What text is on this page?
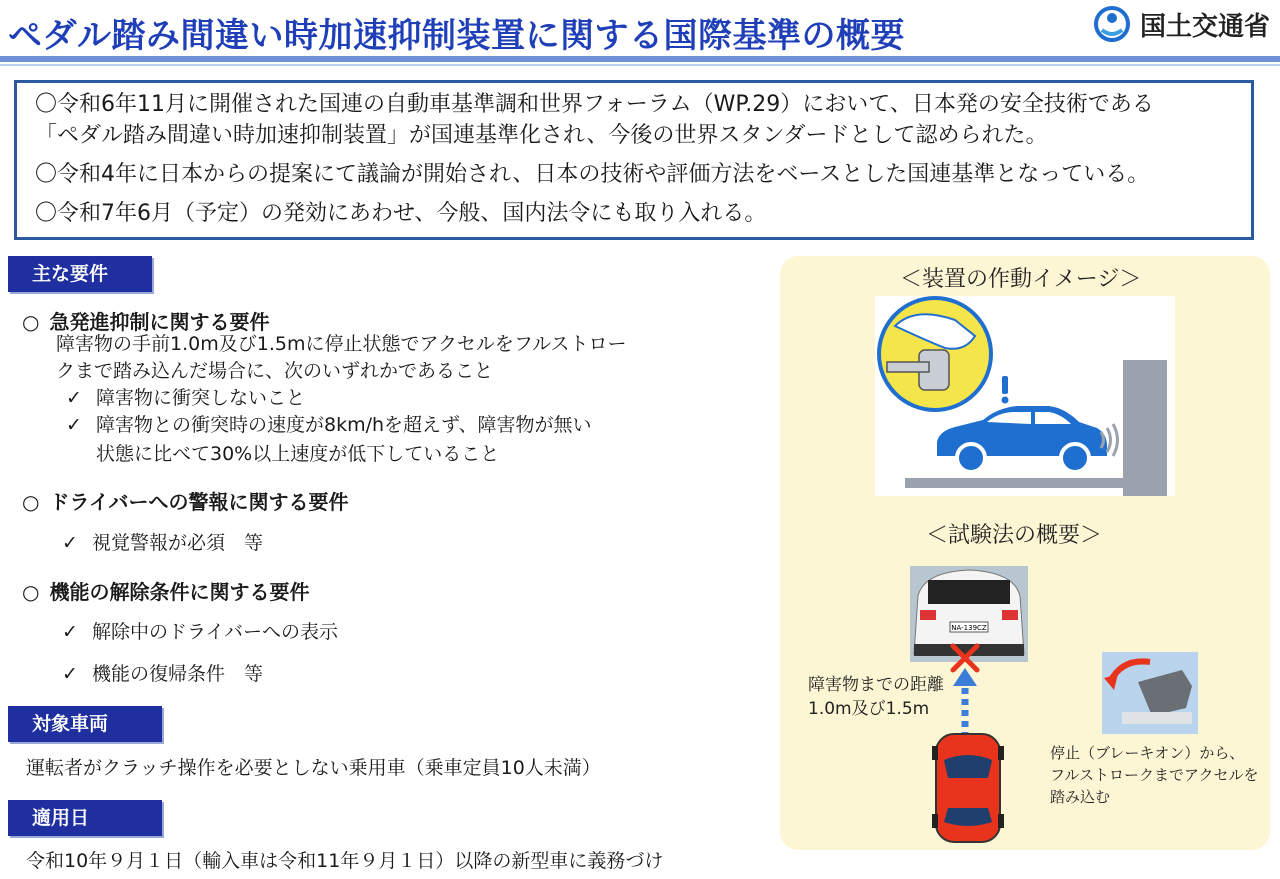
ペダル踏み間違い時加速抑制装置に関する国際基準の概要	国土交通省

〇令和6年11月に開催された国連の自動車基準調和世界フォーラム（WP.29）において、日本発の安全技術である

「ペダル踏み間違い時加速抑制装置」が国連基準化され、今後の世界スタンダードとして認められた。

〇令和4年に日本からの提案にて議論が開始され、日本の技術や評価方法をベースとした国連基準となっている。

〇令和7年6月（予定）の発効にあわせ、今般、国内法令にも取り入れる。

主な要件
○ 急発進抑制に関する要件
障害物の手前1.0m及び1.5mに停止状態でアクセルをフルストロー
クまで踏み込んだ場合に、次のいずれかであること
✓ 障害物に衝突しないこと
✓ 障害物との衝突時の速度が8km/hを超えず、障害物が無い
状態に比べて30%以上速度が低下していること
○ ドライバーへの警報に関する要件
✓ 視覚警報が必須　等
○ 機能の解除条件に関する要件
✓ 解除中のドライバーへの表示
✓ 機能の復帰条件　等
対象車両
運転者がクラッチ操作を必要としない乗用車（乗車定員10人未満）
適用日
令和10年９月１日（輸入車は令和11年９月１日）以降の新型車に義務づけ
＜装置の作動イメージ＞
＜試験法の概要＞
NA-139CZ
障害物までの距離
1.0m及び1.5m
停止（ブレーキオン）から、
フルストロークまでアクセルを
踏み込む
